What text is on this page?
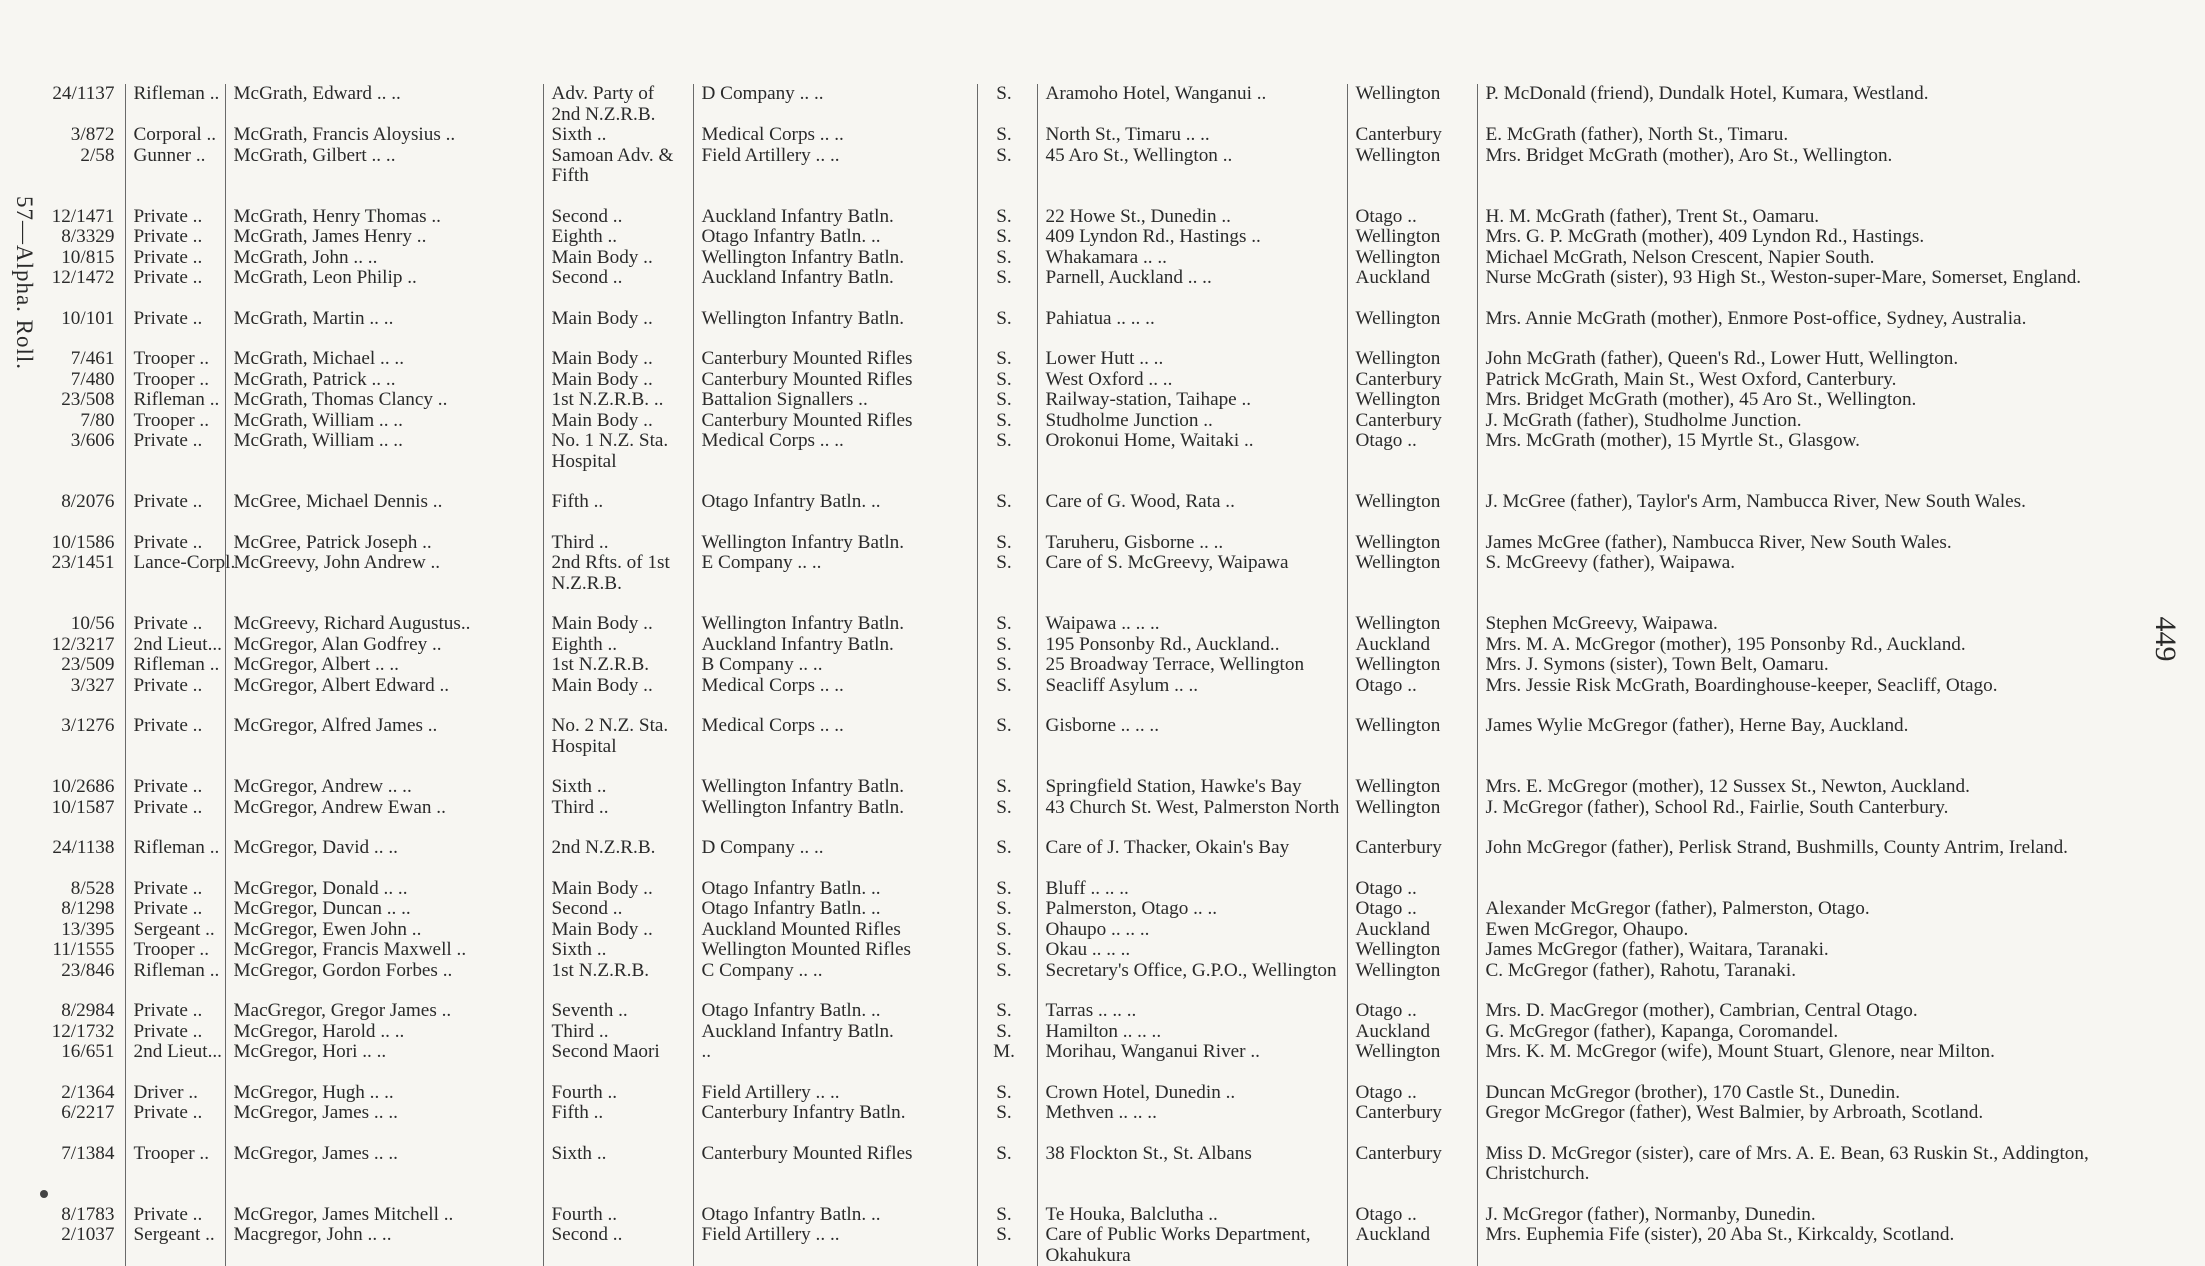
57—Alpha. Roll.
449
24/1137	Rifleman ..	McGrath, Edward .. ..	Adv. Party of 2nd N.Z.R.B.	D Company .. ..	S.	Aramoho Hotel, Wanganui ..	Wellington	P. McDonald (friend), Dundalk Hotel, Kumara, Westland.
3/872	Corporal ..	McGrath, Francis Aloysius ..	Sixth ..	Medical Corps .. ..	S.	North St., Timaru .. ..	Canterbury	E. McGrath (father), North St., Timaru.
2/58	Gunner ..	McGrath, Gilbert .. ..	Samoan Adv. & Fifth	Field Artillery .. ..	S.	45 Aro St., Wellington ..	Wellington	Mrs. Bridget McGrath (mother), Aro St., Wellington.
12/1471	Private ..	McGrath, Henry Thomas ..	Second ..	Auckland Infantry Batln.	S.	22 Howe St., Dunedin ..	Otago ..	H. M. McGrath (father), Trent St., Oamaru.
8/3329	Private ..	McGrath, James Henry ..	Eighth ..	Otago Infantry Batln. ..	S.	409 Lyndon Rd., Hastings ..	Wellington	Mrs. G. P. McGrath (mother), 409 Lyndon Rd., Hastings.
10/815	Private ..	McGrath, John .. ..	Main Body ..	Wellington Infantry Batln.	S.	Whakamara .. ..	Wellington	Michael McGrath, Nelson Crescent, Napier South.
12/1472	Private ..	McGrath, Leon Philip ..	Second ..	Auckland Infantry Batln.	S.	Parnell, Auckland .. ..	Auckland	Nurse McGrath (sister), 93 High St., Weston-super-Mare, Somerset, England.
10/101	Private ..	McGrath, Martin .. ..	Main Body ..	Wellington Infantry Batln.	S.	Pahiatua .. .. ..	Wellington	Mrs. Annie McGrath (mother), Enmore Post-office, Sydney, Australia.
7/461	Trooper ..	McGrath, Michael .. ..	Main Body ..	Canterbury Mounted Rifles	S.	Lower Hutt .. ..	Wellington	John McGrath (father), Queen's Rd., Lower Hutt, Wellington.
7/480	Trooper ..	McGrath, Patrick .. ..	Main Body ..	Canterbury Mounted Rifles	S.	West Oxford .. ..	Canterbury	Patrick McGrath, Main St., West Oxford, Canterbury.
23/508	Rifleman ..	McGrath, Thomas Clancy ..	1st N.Z.R.B. ..	Battalion Signallers ..	S.	Railway-station, Taihape ..	Wellington	Mrs. Bridget McGrath (mother), 45 Aro St., Wellington.
7/80	Trooper ..	McGrath, William .. ..	Main Body ..	Canterbury Mounted Rifles	S.	Studholme Junction ..	Canterbury	J. McGrath (father), Studholme Junction.
3/606	Private ..	McGrath, William .. ..	No. 1 N.Z. Sta. Hospital	Medical Corps .. ..	S.	Orokonui Home, Waitaki ..	Otago ..	Mrs. McGrath (mother), 15 Myrtle St., Glasgow.
8/2076	Private ..	McGree, Michael Dennis ..	Fifth ..	Otago Infantry Batln. ..	S.	Care of G. Wood, Rata ..	Wellington	J. McGree (father), Taylor's Arm, Nambucca River, New South Wales.
10/1586	Private ..	McGree, Patrick Joseph ..	Third ..	Wellington Infantry Batln.	S.	Taruheru, Gisborne .. ..	Wellington	James McGree (father), Nambucca River, New South Wales.
23/1451	Lance-Corpl.	McGreevy, John Andrew ..	2nd Rfts. of 1st N.Z.R.B.	E Company .. ..	S.	Care of S. McGreevy, Waipawa	Wellington	S. McGreevy (father), Waipawa.
10/56	Private ..	McGreevy, Richard Augustus..	Main Body ..	Wellington Infantry Batln.	S.	Waipawa .. .. ..	Wellington	Stephen McGreevy, Waipawa.
12/3217	2nd Lieut...	McGregor, Alan Godfrey ..	Eighth ..	Auckland Infantry Batln.	S.	195 Ponsonby Rd., Auckland..	Auckland	Mrs. M. A. McGregor (mother), 195 Ponsonby Rd., Auckland.
23/509	Rifleman ..	McGregor, Albert .. ..	1st N.Z.R.B.	B Company .. ..	S.	25 Broadway Terrace, Wellington	Wellington	Mrs. J. Symons (sister), Town Belt, Oamaru.
3/327	Private ..	McGregor, Albert Edward ..	Main Body ..	Medical Corps .. ..	S.	Seacliff Asylum .. ..	Otago ..	Mrs. Jessie Risk McGrath, Boardinghouse-keeper, Seacliff, Otago.
3/1276	Private ..	McGregor, Alfred James ..	No. 2 N.Z. Sta. Hospital	Medical Corps .. ..	S.	Gisborne .. .. ..	Wellington	James Wylie McGregor (father), Herne Bay, Auckland.
10/2686	Private ..	McGregor, Andrew .. ..	Sixth ..	Wellington Infantry Batln.	S.	Springfield Station, Hawke's Bay	Wellington	Mrs. E. McGregor (mother), 12 Sussex St., Newton, Auckland.
10/1587	Private ..	McGregor, Andrew Ewan ..	Third ..	Wellington Infantry Batln.	S.	43 Church St. West, Palmerston North	Wellington	J. McGregor (father), School Rd., Fairlie, South Canterbury.
24/1138	Rifleman ..	McGregor, David .. ..	2nd N.Z.R.B.	D Company .. ..	S.	Care of J. Thacker, Okain's Bay	Canterbury	John McGregor (father), Perlisk Strand, Bushmills, County Antrim, Ireland.
8/528	Private ..	McGregor, Donald .. ..	Main Body ..	Otago Infantry Batln. ..	S.	Bluff .. .. ..	Otago ..	
8/1298	Private ..	McGregor, Duncan .. ..	Second ..	Otago Infantry Batln. ..	S.	Palmerston, Otago .. ..	Otago ..	Alexander McGregor (father), Palmerston, Otago.
13/395	Sergeant ..	McGregor, Ewen John ..	Main Body ..	Auckland Mounted Rifles	S.	Ohaupo .. .. ..	Auckland	Ewen McGregor, Ohaupo.
11/1555	Trooper ..	McGregor, Francis Maxwell ..	Sixth ..	Wellington Mounted Rifles	S.	Okau .. .. ..	Wellington	James McGregor (father), Waitara, Taranaki.
23/846	Rifleman ..	McGregor, Gordon Forbes ..	1st N.Z.R.B.	C Company .. ..	S.	Secretary's Office, G.P.O., Wellington	Wellington	C. McGregor (father), Rahotu, Taranaki.
8/2984	Private ..	MacGregor, Gregor James ..	Seventh ..	Otago Infantry Batln. ..	S.	Tarras .. .. ..	Otago ..	Mrs. D. MacGregor (mother), Cambrian, Central Otago.
12/1732	Private ..	McGregor, Harold .. ..	Third ..	Auckland Infantry Batln.	S.	Hamilton .. .. ..	Auckland	G. McGregor (father), Kapanga, Coromandel.
16/651	2nd Lieut...	McGregor, Hori .. ..	Second Maori	..	M.	Morihau, Wanganui River ..	Wellington	Mrs. K. M. McGregor (wife), Mount Stuart, Glenore, near Milton.
2/1364	Driver ..	McGregor, Hugh .. ..	Fourth ..	Field Artillery .. ..	S.	Crown Hotel, Dunedin ..	Otago ..	Duncan McGregor (brother), 170 Castle St., Dunedin.
6/2217	Private ..	McGregor, James .. ..	Fifth ..	Canterbury Infantry Batln.	S.	Methven .. .. ..	Canterbury	Gregor McGregor (father), West Balmier, by Arbroath, Scotland.
7/1384	Trooper ..	McGregor, James .. ..	Sixth ..	Canterbury Mounted Rifles	S.	38 Flockton St., St. Albans	Canterbury	Miss D. McGregor (sister), care of Mrs. A. E. Bean, 63 Ruskin St., Addington, Christchurch.
8/1783	Private ..	McGregor, James Mitchell ..	Fourth ..	Otago Infantry Batln. ..	S.	Te Houka, Balclutha ..	Otago ..	J. McGregor (father), Normanby, Dunedin.
2/1037	Sergeant ..	Macgregor, John .. ..	Second ..	Field Artillery .. ..	S.	Care of Public Works Department, Okahukura	Auckland	Mrs. Euphemia Fife (sister), 20 Aba St., Kirkcaldy, Scotland.
